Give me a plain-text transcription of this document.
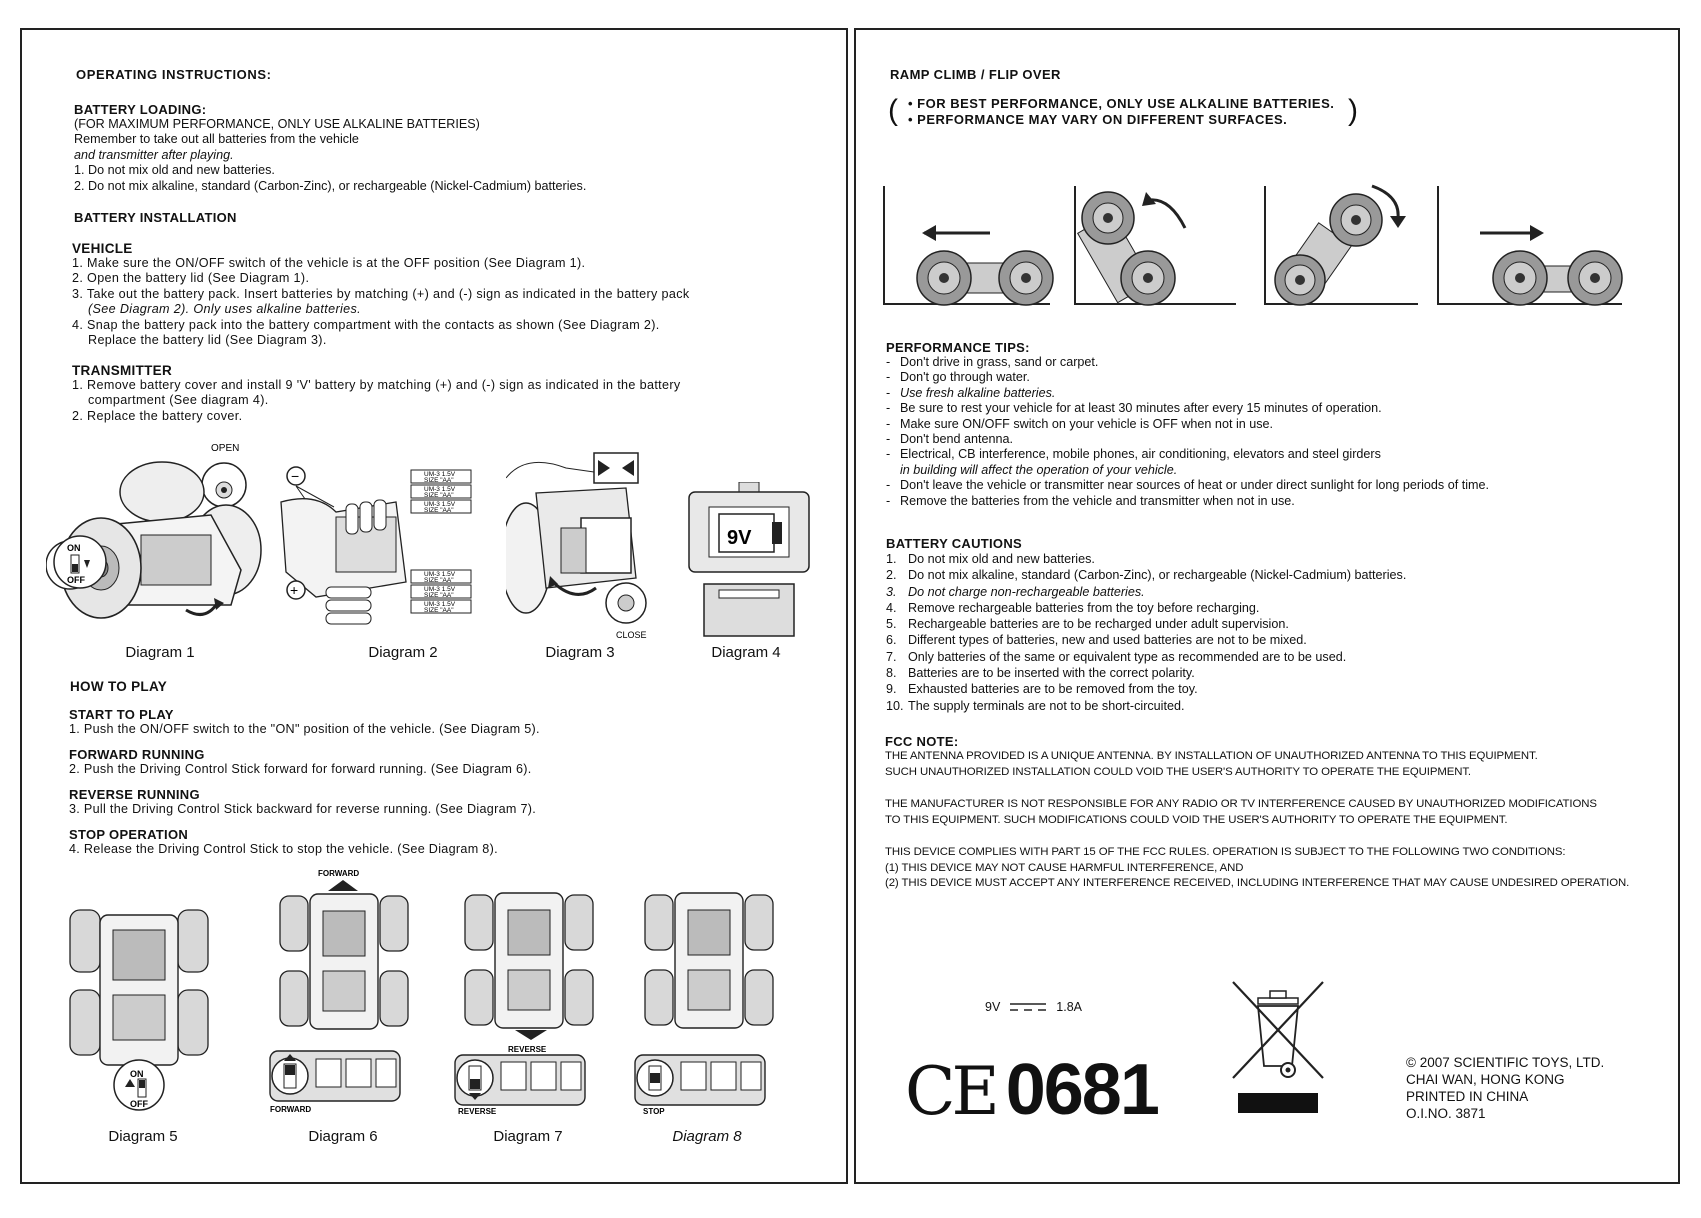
OPERATING INSTRUCTIONS:
BATTERY LOADING:
(FOR MAXIMUM PERFORMANCE, ONLY USE ALKALINE BATTERIES)
Remember to take out all batteries from the vehicle
and transmitter after playing.
1. Do not mix old and new batteries.
2. Do not mix alkaline, standard (Carbon-Zinc), or rechargeable (Nickel-Cadmium) batteries.
BATTERY INSTALLATION
VEHICLE
1. Make sure the ON/OFF switch of the vehicle is at the OFF position (See Diagram 1).
2. Open the battery lid (See Diagram 1).
3. Take out the battery pack. Insert batteries by matching (+) and (-) sign as indicated in the battery pack
(See Diagram 2). Only uses alkaline batteries.
4. Snap the battery pack into the battery compartment with the contacts as shown (See Diagram 2).
Replace the battery lid (See Diagram 3).
TRANSMITTER
1. Remove battery cover and install 9 'V' battery by matching (+) and (-) sign as indicated in the battery
compartment (See diagram 4).
2. Replace the battery cover.
OPEN
ON
OFF
−
+
UM-3 1.5V
SIZE "AA"
UM-3 1.5V
SIZE "AA"
UM-3 1.5V
SIZE "AA"
UM-3 1.5V
SIZE "AA"
UM-3 1.5V
SIZE "AA"
UM-3 1.5V
SIZE "AA"
CLOSE
9V
Diagram 1	Diagram 2	Diagram 3	Diagram 4
HOW TO PLAY
START TO PLAY
1. Push the ON/OFF switch to the "ON" position of the vehicle. (See Diagram 5).
FORWARD RUNNING
2. Push the Driving Control Stick forward for forward running. (See Diagram 6).
REVERSE RUNNING
3. Pull the Driving Control Stick backward for reverse running. (See Diagram 7).
STOP OPERATION
4. Release the Driving Control Stick to stop the vehicle. (See Diagram 8).
ON
OFF
FORWARD
FORWARD
REVERSE
REVERSE	STOP
Diagram 5	Diagram 6	Diagram 7	Diagram 8
RAMP CLIMB / FLIP OVER
( • FOR BEST PERFORMANCE, ONLY USE ALKALINE BATTERIES.
• PERFORMANCE MAY VARY ON DIFFERENT SURFACES.	)
PERFORMANCE TIPS:
- Don't drive in grass, sand or carpet.
- Don't go through water.
- Use fresh alkaline batteries.
- Be sure to rest your vehicle for at least 30 minutes after every 15 minutes of operation.
- Make sure ON/OFF switch on your vehicle is OFF when not in use.
- Don't bend antenna.
- Electrical, CB interference, mobile phones, air conditioning, elevators and steel girders
in building will affect the operation of your vehicle.
- Don't leave the vehicle or transmitter near sources of heat or under direct sunlight for long periods of time.
- Remove the batteries from the vehicle and transmitter when not in use.
BATTERY CAUTIONS
1. Do not mix old and new batteries.
2. Do not mix alkaline, standard (Carbon-Zinc), or rechargeable (Nickel-Cadmium) batteries.
3. Do not charge non-rechargeable batteries.
4. Remove rechargeable batteries from the toy before recharging.
5. Rechargeable batteries are to be recharged under adult supervision.
6. Different types of batteries, new and used batteries are not to be mixed.
7. Only batteries of the same or equivalent type as recommended are to be used.
8. Batteries are to be inserted with the correct polarity.
9. Exhausted batteries are to be removed from the toy.
10. The supply terminals are not to be short-circuited.
FCC NOTE:
THE ANTENNA PROVIDED IS A UNIQUE ANTENNA. BY INSTALLATION OF UNAUTHORIZED ANTENNA TO THIS EQUIPMENT.
SUCH UNAUTHORIZED INSTALLATION COULD VOID THE USER'S AUTHORITY TO OPERATE THE EQUIPMENT.
THE MANUFACTURER IS NOT RESPONSIBLE FOR ANY RADIO OR TV INTERFERENCE CAUSED BY UNAUTHORIZED MODIFICATIONS
TO THIS EQUIPMENT. SUCH MODIFICATIONS COULD VOID THE USER'S AUTHORITY TO OPERATE THE EQUIPMENT.
THIS DEVICE COMPLIES WITH PART 15 OF THE FCC RULES. OPERATION IS SUBJECT TO THE FOLLOWING TWO CONDITIONS:
(1) THIS DEVICE MAY NOT CAUSE HARMFUL INTERFERENCE, AND
(2) THIS DEVICE MUST ACCEPT ANY INTERFERENCE RECEIVED, INCLUDING INTERFERENCE THAT MAY CAUSE UNDESIRED OPERATION.
9V	1.8A
CE 0681	© 2007 SCIENTIFIC TOYS, LTD.
CHAI WAN, HONG KONG
PRINTED IN CHINA
O.I.NO. 3871
